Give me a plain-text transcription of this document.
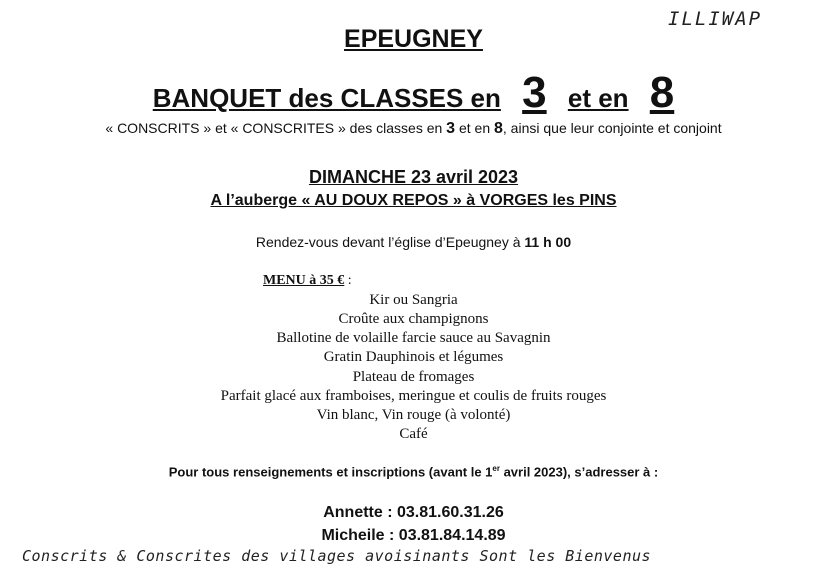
ILLIWAP
EPEUGNEY
BANQUET des CLASSES en 3 et en 8
« CONSCRITS » et « CONSCRITES » des classes en 3 et en 8, ainsi que leur conjointe et conjoint
DIMANCHE 23 avril 2023
A l’auberge « AU DOUX REPOS » à VORGES les PINS
Rendez-vous devant l’église d’Epeugney à 11 h 00
MENU à 35 € :
Kir ou Sangria
Croûte aux champignons
Ballotine de volaille farcie sauce au Savagnin
Gratin Dauphinois et légumes
Plateau de fromages
Parfait glacé aux framboises, meringue et coulis de fruits rouges
Vin blanc, Vin rouge (à volonté)
Café
Pour tous renseignements et inscriptions (avant le 1er avril 2023), s’adresser à :
Annette : 03.81.60.31.26
Micheile : 03.81.84.14.89
Conscrits & Conscrites des villages avoisinants Sont les Bienvenus
